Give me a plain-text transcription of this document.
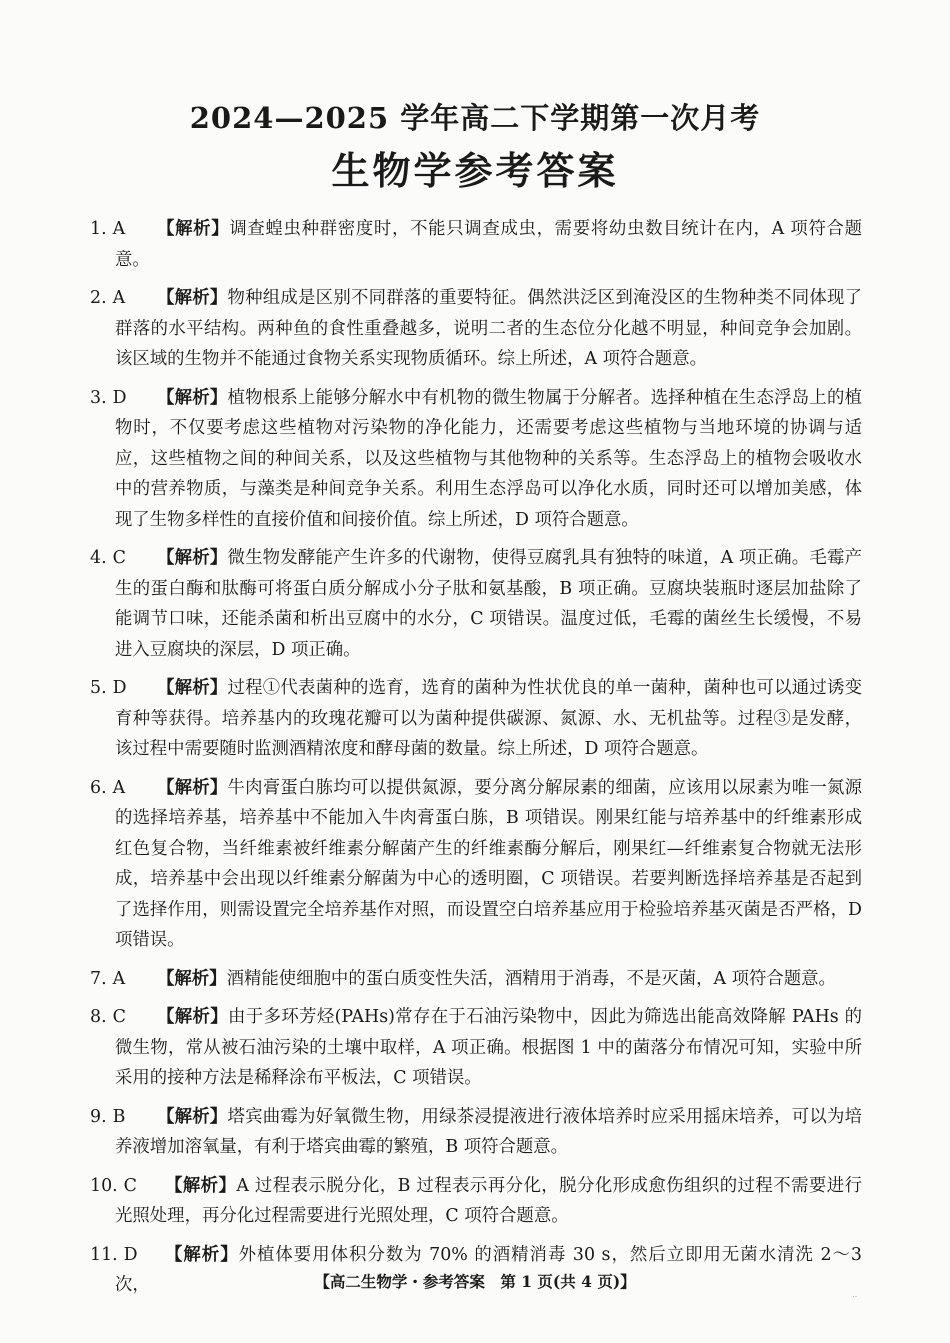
2024—2025 学年高二下学期第一次月考
生物学参考答案
1. A 【解析】调查蝗虫种群密度时，不能只调查成虫，需要将幼虫数目统计在内，A 项符合题意。
2. A 【解析】物种组成是区别不同群落的重要特征。偶然洪泛区到淹没区的生物种类不同体现了群落的水平结构。两种鱼的食性重叠越多，说明二者的生态位分化越不明显，种间竞争会加剧。该区域的生物并不能通过食物关系实现物质循环。综上所述，A 项符合题意。
3. D 【解析】植物根系上能够分解水中有机物的微生物属于分解者。选择种植在生态浮岛上的植物时，不仅要考虑这些植物对污染物的净化能力，还需要考虑这些植物与当地环境的协调与适应，这些植物之间的种间关系，以及这些植物与其他物种的关系等。生态浮岛上的植物会吸收水中的营养物质，与藻类是种间竞争关系。利用生态浮岛可以净化水质，同时还可以增加美感，体现了生物多样性的直接价值和间接价值。综上所述，D 项符合题意。
4. C 【解析】微生物发酵能产生许多的代谢物，使得豆腐乳具有独特的味道，A 项正确。毛霉产生的蛋白酶和肽酶可将蛋白质分解成小分子肽和氨基酸，B 项正确。豆腐块装瓶时逐层加盐除了能调节口味，还能杀菌和析出豆腐中的水分，C 项错误。温度过低，毛霉的菌丝生长缓慢，不易进入豆腐块的深层，D 项正确。
5. D 【解析】过程①代表菌种的选育，选育的菌种为性状优良的单一菌种，菌种也可以通过诱变育种等获得。培养基内的玫瑰花瓣可以为菌种提供碳源、氮源、水、无机盐等。过程③是发酵，该过程中需要随时监测酒精浓度和酵母菌的数量。综上所述，D 项符合题意。
6. A 【解析】牛肉膏蛋白胨均可以提供氮源，要分离分解尿素的细菌，应该用以尿素为唯一氮源的选择培养基，培养基中不能加入牛肉膏蛋白胨，B 项错误。刚果红能与培养基中的纤维素形成红色复合物，当纤维素被纤维素分解菌产生的纤维素酶分解后，刚果红—纤维素复合物就无法形成，培养基中会出现以纤维素分解菌为中心的透明圈，C 项错误。若要判断选择培养基是否起到了选择作用，则需设置完全培养基作对照，而设置空白培养基应用于检验培养基灭菌是否严格，D 项错误。
7. A 【解析】酒精能使细胞中的蛋白质变性失活，酒精用于消毒，不是灭菌，A 项符合题意。
8. C 【解析】由于多环芳烃(PAHs)常存在于石油污染物中，因此为筛选出能高效降解 PAHs 的微生物，常从被石油污染的土壤中取样，A 项正确。根据图 1 中的菌落分布情况可知，实验中所采用的接种方法是稀释涂布平板法，C 项错误。
9. B 【解析】塔宾曲霉为好氧微生物，用绿茶浸提液进行液体培养时应采用摇床培养，可以为培养液增加溶氧量，有利于塔宾曲霉的繁殖，B 项符合题意。
10. C 【解析】A 过程表示脱分化，B 过程表示再分化，脱分化形成愈伤组织的过程不需要进行光照处理，再分化过程需要进行光照处理，C 项符合题意。
11. D 【解析】外植体要用体积分数为 70% 的酒精消毒 30 s，然后立即用无菌水清洗 2～3 次，	【高二生物学・参考答案　第 1 页(共 4 页)】
‥
